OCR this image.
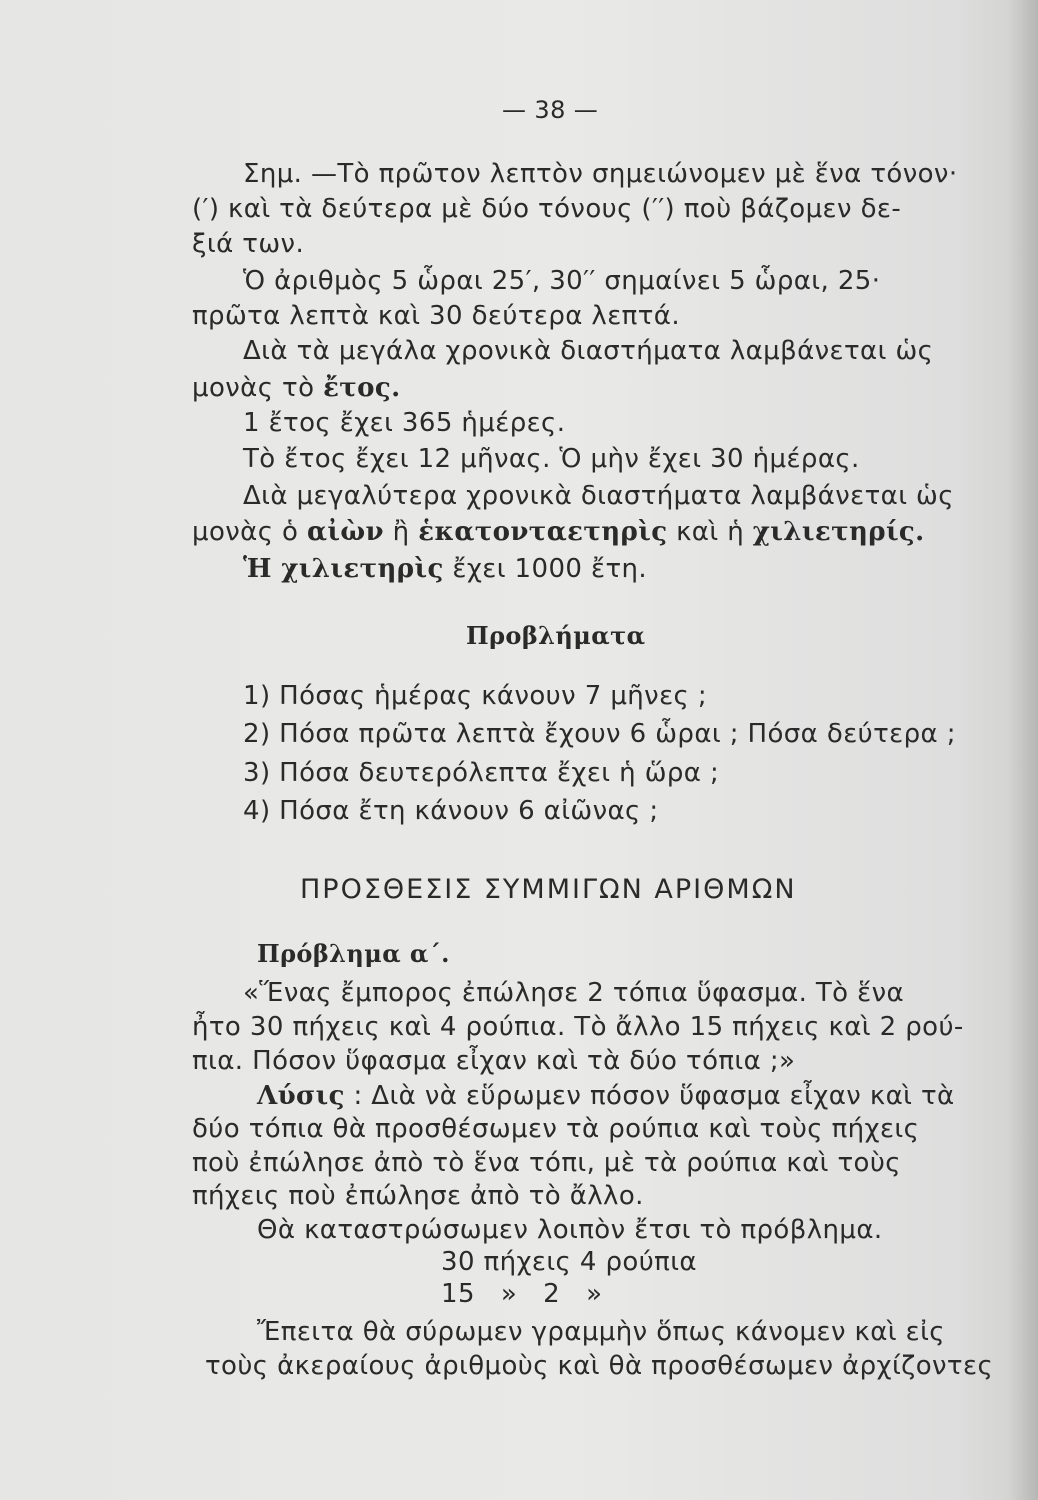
— 38 —
Σημ. —Τὸ πρῶτον λεπτὸν σημειώνομεν μὲ ἕνα τόνον·
(′) καὶ τὰ δεύτερα μὲ δύο τόνους (′′) ποὺ βάζομεν δε-
ξιά των.
Ὁ ἀριθμὸς 5 ὧραι 25′, 30′′ σημαίνει 5 ὧραι, 25·
πρῶτα λεπτὰ καὶ 30 δεύτερα λεπτά.
Διὰ τὰ μεγάλα χρονικὰ διαστήματα λαμβάνεται ὡς
μονὰς τὸ ἔτος.
1 ἔτος ἔχει 365 ἡμέρες.
Τὸ ἔτος ἔχει 12 μῆνας. Ὁ μὴν ἔχει 30 ἡμέρας.
Διὰ μεγαλύτερα χρονικὰ διαστήματα λαμβάνεται ὡς
μονὰς ὁ αἰὼν ἢ ἑκατονταετηρὶς καὶ ἡ χιλιετηρίς.
Ἡ χιλιετηρὶς ἔχει 1000 ἔτη.
Προβλήματα
1) Πόσας ἡμέρας κάνουν 7 μῆνες ;
2) Πόσα πρῶτα λεπτὰ ἔχουν 6 ὧραι ; Πόσα δεύτερα ;
3) Πόσα δευτερόλεπτα ἔχει ἡ ὥρα ;
4) Πόσα ἔτη κάνουν 6 αἰῶνας ;
ΠΡΟΣΘΕΣΙΣ ΣΥΜΜΙΓΩΝ ΑΡΙΘΜΩΝ
Πρόβλημα α΄.
«Ἕνας ἔμπορος ἐπώλησε 2 τόπια ὕφασμα. Τὸ ἕνα
ἦτο 30 πήχεις καὶ 4 ρούπια. Τὸ ἄλλο 15 πήχεις καὶ 2 ρού-
πια. Πόσον ὕφασμα εἶχαν καὶ τὰ δύο τόπια ;»
Λύσις : Διὰ νὰ εὕρωμεν πόσον ὕφασμα εἶχαν καὶ τὰ
δύο τόπια θὰ προσθέσωμεν τὰ ρούπια καὶ τοὺς πήχεις
ποὺ ἐπώλησε ἀπὸ τὸ ἕνα τόπι, μὲ τὰ ρούπια καὶ τοὺς
πήχεις ποὺ ἐπώλησε ἀπὸ τὸ ἄλλο.
Θὰ καταστρώσωμεν λοιπὸν ἔτσι τὸ πρόβλημα.
30 πήχεις 4 ρούπια
15   »   2   »
Ἔπειτα θὰ σύρωμεν γραμμὴν ὅπως κάνομεν καὶ εἰς
τοὺς ἀκεραίους ἀριθμοὺς καὶ θὰ προσθέσωμεν ἀρχίζοντες
